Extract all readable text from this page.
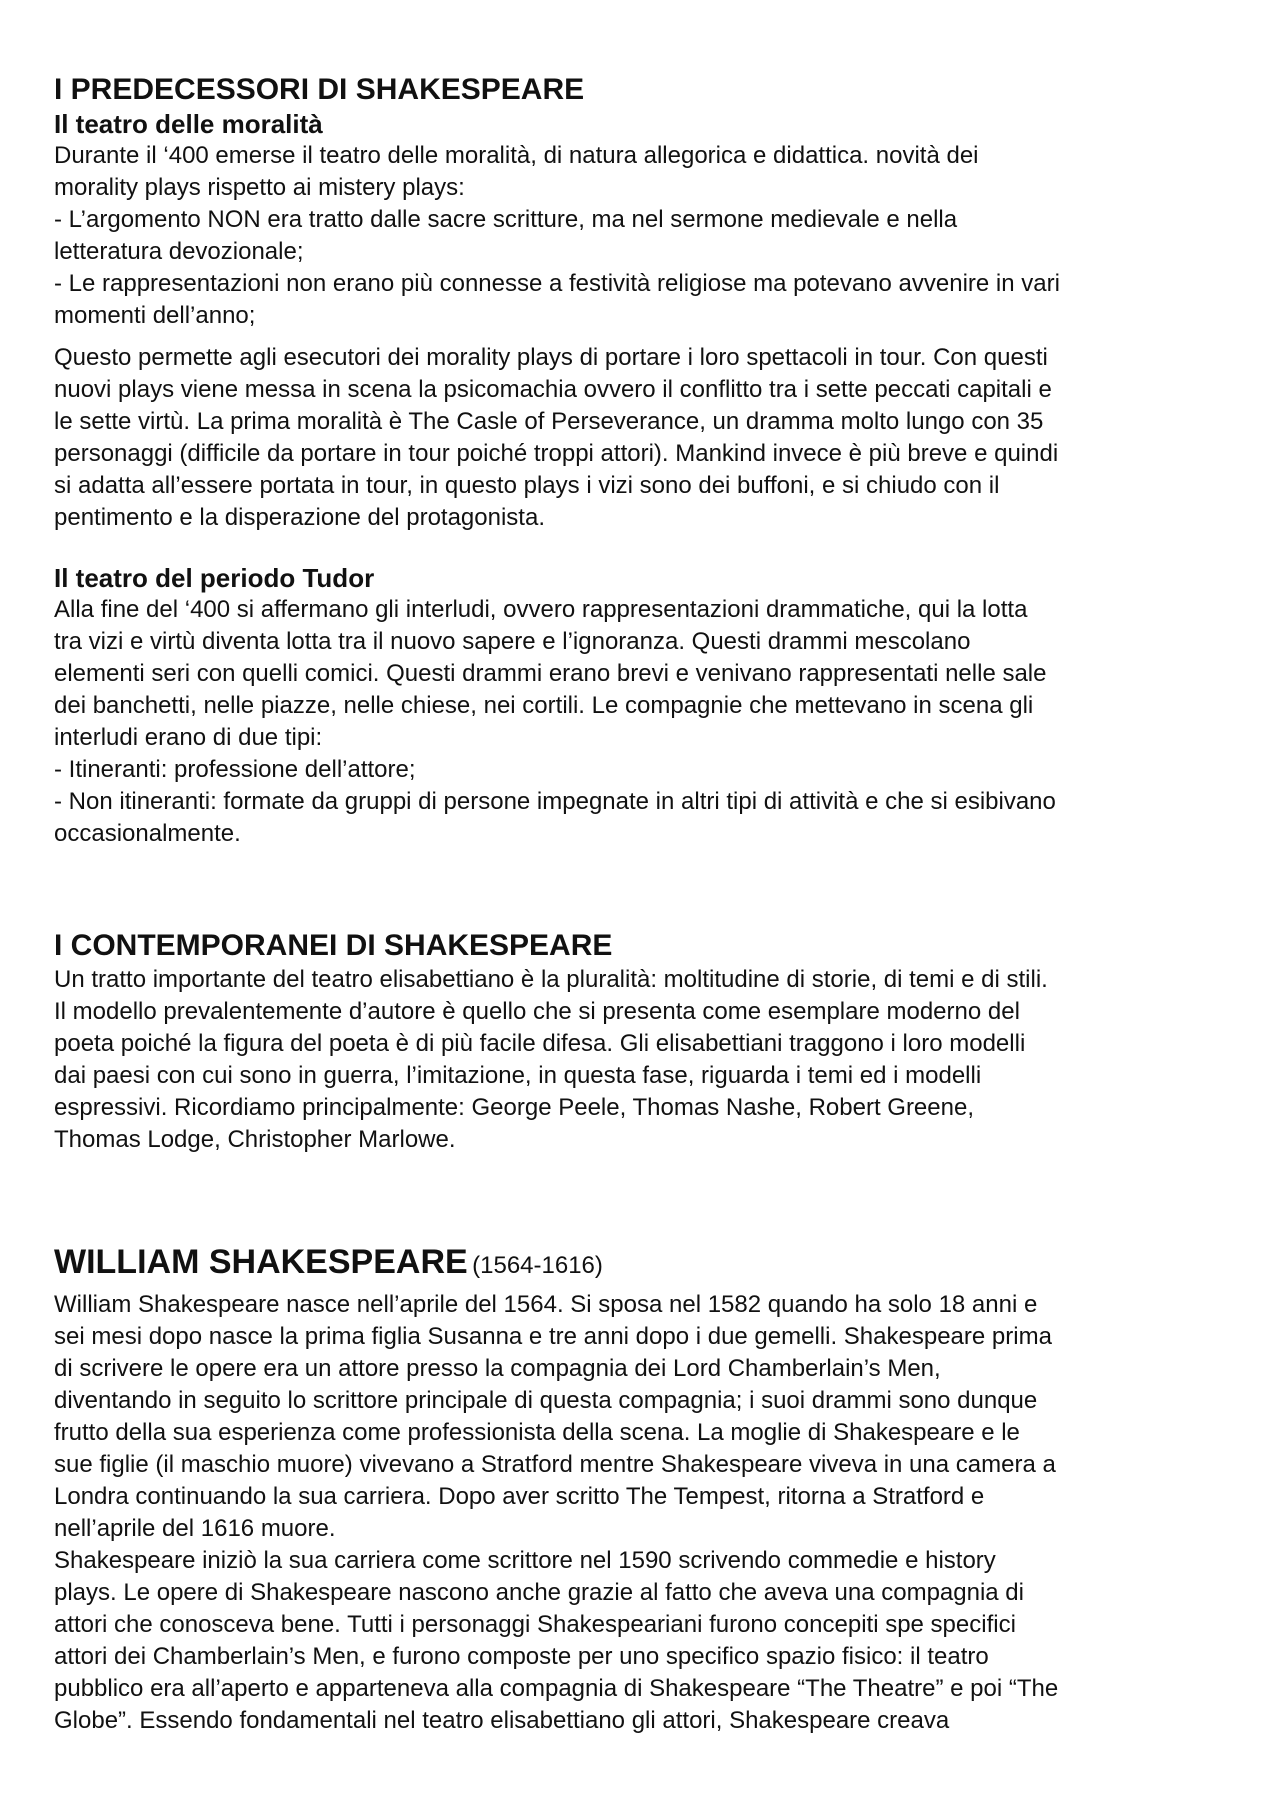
I PREDECESSORI DI SHAKESPEARE
Il teatro delle moralità
Durante il ‘400 emerse il teatro delle moralità, di natura allegorica e didattica. novità dei
morality plays rispetto ai mistery plays:
- L’argomento NON era tratto dalle sacre scritture, ma nel sermone medievale e nella
letteratura devozionale;
- Le rappresentazioni non erano più connesse a festività religiose ma potevano avvenire in vari
momenti dell’anno;
Questo permette agli esecutori dei morality plays di portare i loro spettacoli in tour. Con questi
nuovi plays viene messa in scena la psicomachia ovvero il conflitto tra i sette peccati capitali e
le sette virtù. La prima moralità è The Casle of Perseverance, un dramma molto lungo con 35
personaggi (difficile da portare in tour poiché troppi attori). Mankind invece è più breve e quindi
si adatta all’essere portata in tour, in questo plays i vizi sono dei buffoni, e si chiudo con il
pentimento e la disperazione del protagonista.
Il teatro del periodo Tudor
Alla fine del ‘400 si affermano gli interludi, ovvero rappresentazioni drammatiche, qui la lotta
tra vizi e virtù diventa lotta tra il nuovo sapere e l’ignoranza. Questi drammi mescolano
elementi seri con quelli comici. Questi drammi erano brevi e venivano rappresentati nelle sale
dei banchetti, nelle piazze, nelle chiese, nei cortili. Le compagnie che mettevano in scena gli
interludi erano di due tipi:
- Itineranti: professione dell’attore;
- Non itineranti: formate da gruppi di persone impegnate in altri tipi di attività e che si esibivano
occasionalmente.
I CONTEMPORANEI DI SHAKESPEARE
Un tratto importante del teatro elisabettiano è la pluralità: moltitudine di storie, di temi e di stili.
Il modello prevalentemente d’autore è quello che si presenta come esemplare moderno del
poeta poiché la figura del poeta è di più facile difesa. Gli elisabettiani traggono i loro modelli
dai paesi con cui sono in guerra, l’imitazione, in questa fase, riguarda i temi ed i modelli
espressivi. Ricordiamo principalmente: George Peele, Thomas Nashe, Robert Greene,
Thomas Lodge, Christopher Marlowe.
WILLIAM SHAKESPEARE (1564-1616)
William Shakespeare nasce nell’aprile del 1564. Si sposa nel 1582 quando ha solo 18 anni e
sei mesi dopo nasce la prima figlia Susanna e tre anni dopo i due gemelli. Shakespeare prima
di scrivere le opere era un attore presso la compagnia dei Lord Chamberlain’s Men,
diventando in seguito lo scrittore principale di questa compagnia; i suoi drammi sono dunque
frutto della sua esperienza come professionista della scena. La moglie di Shakespeare e le
sue figlie (il maschio muore) vivevano a Stratford mentre Shakespeare viveva in una camera a
Londra continuando la sua carriera. Dopo aver scritto The Tempest, ritorna a Stratford e
nell’aprile del 1616 muore.
Shakespeare iniziò la sua carriera come scrittore nel 1590 scrivendo commedie e history
plays. Le opere di Shakespeare nascono anche grazie al fatto che aveva una compagnia di
attori che conosceva bene. Tutti i personaggi Shakespeariani furono concepiti spe specifici
attori dei Chamberlain’s Men, e furono composte per uno specifico spazio fisico: il teatro
pubblico era all’aperto e apparteneva alla compagnia di Shakespeare “The Theatre” e poi “The
Globe”. Essendo fondamentali nel teatro elisabettiano gli attori, Shakespeare creava
